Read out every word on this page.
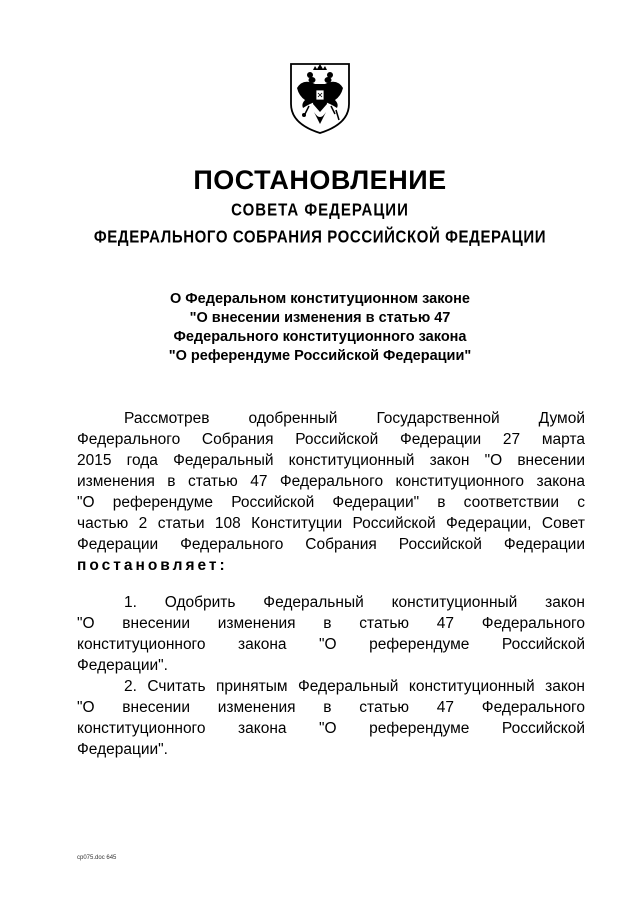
ПОСТАНОВЛЕНИЕ
СОВЕТА ФЕДЕРАЦИИ
ФЕДЕРАЛЬНОГО СОБРАНИЯ РОССИЙСКОЙ ФЕДЕРАЦИИ
О Федеральном конституционном законе
"О внесении изменения в статью 47
Федерального конституционного закона
"О референдуме Российской Федерации"
Рассмотрев одобренный Государственной Думой
Федерального Собрания Российской Федерации 27 марта
2015 года Федеральный конституционный закон "О внесении
изменения в статью 47 Федерального конституционного закона
"О референдуме Российской Федерации" в соответствии с
частью 2 статьи 108 Конституции Российской Федерации, Совет
Федерации Федерального Собрания Российской Федерации
постановляет:
1. Одобрить Федеральный конституционный закон
"О внесении изменения в статью 47 Федерального
конституционного закона "О референдуме Российской
Федерации".
2. Считать принятым Федеральный конституционный закон
"О внесении изменения в статью 47 Федерального
конституционного закона "О референдуме Российской
Федерации".
ср075.doc 645
